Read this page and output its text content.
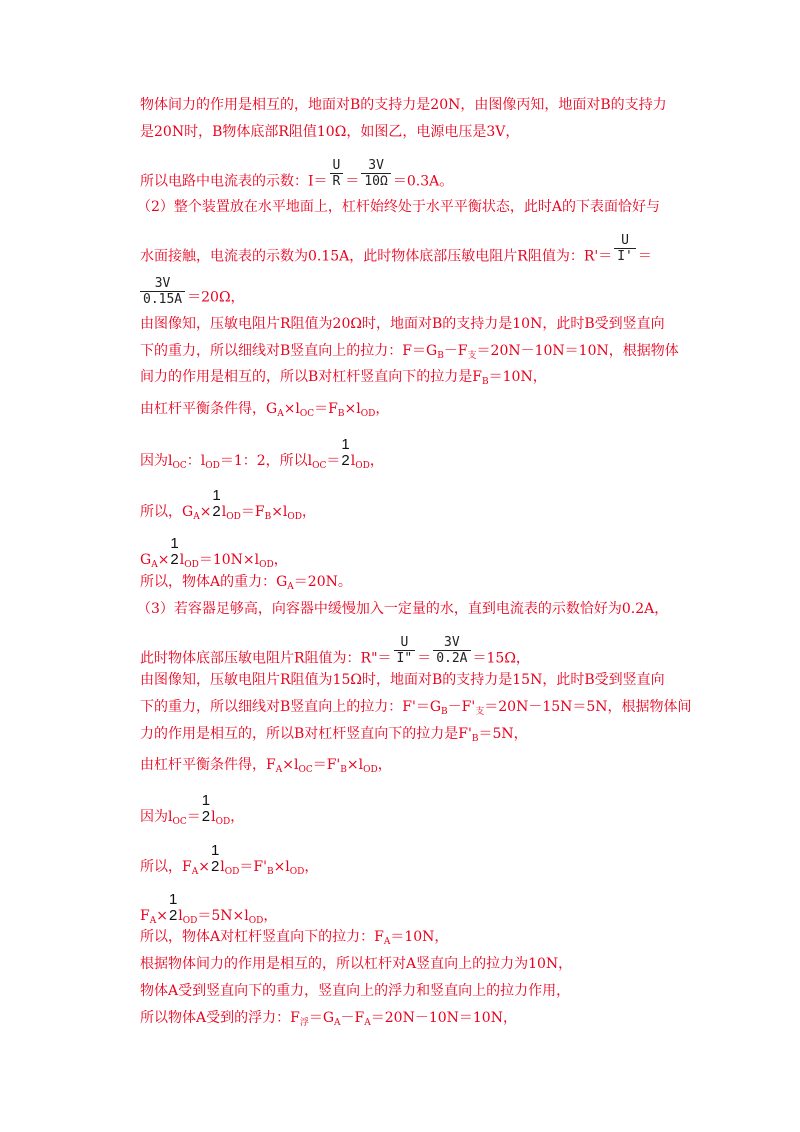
物体间力的作用是相互的，地面对B的支持力是20N，由图像丙知，地面对B的支持力
是20N时，B物体底部R阻值10Ω，如图乙，电源电压是3V，
所以电路中电流表的示数：$I= \frac{U}{R} = \frac{3V}{10\Omega} =0.3A$。
（2）整个装置放在水平地面上，杠杆始终处于水平平衡状态，此时A的下表面恰好与
水面接触，电流表的示数为0.15A，此时物体底部压敏电阻片R阻值为：$R'= \frac{U}{I'}$ ＝
$\frac{3V}{0.15A} =20\Omega$，
由图像知，压敏电阻片R阻值为20Ω时，地面对B的支持力是10N，此时B受到竖直向
下的重力，所以细线对B竖直向上的拉力：$F=G_B-F_支=20N-10N=10N$，根据物体
间力的作用是相互的，所以B对杠杆竖直向下的拉力是$F_B=10N$，
由杠杆平衡条件得，$G_A\times l_{OC}=F_B\times l_{OD}$，
因为$l_{OC}$：$l_{OD}=1$：2，所以$l_{OC}=$
1
2 $l_{OD}$，
所以，$G_A\times$
1
2 $l_{OD}=F_B\times l_{OD}$，
$G_A\times$
1
2 $l_{OD}=10N\times l_{OD}$，
所以，物体A的重力：$G_A=20N$。
（3）若容器足够高，向容器中缓慢加入一定量的水，直到电流表的示数恰好为0.2A，
此时物体底部压敏电阻片R阻值为：R"＝ $\frac{U}{I"} = \frac{3V}{0.2A} =15\Omega$，
由图像知，压敏电阻片R阻值为15Ω时，地面对B的支持力是15N，此时B受到竖直向
下的重力，所以细线对B竖直向上的拉力：$F'=G_B-F'_支=20N-15N=5N$，根据物体间
力的作用是相互的，所以B对杠杆竖直向下的拉力是$F'_B=5N$，
由杠杆平衡条件得，$F_A\times l_{OC}=F'_B\times l_{OD}$，
因为$l_{OC}=$
1
2 $l_{OD}$，
所以，$F_A\times$
1
2 $l_{OD}=F'_B\times l_{OD}$，
$F_A\times$
1
2 $l_{OD}=5N\times l_{OD}$，
所以，物体A对杠杆竖直向下的拉力：$F_A=10N$，
根据物体间力的作用是相互的，所以杠杆对A竖直向上的拉力为10N，
物体A受到竖直向下的重力，竖直向上的浮力和竖直向上的拉力作用，
所以物体A受到的浮力：$F_浮=G_A-F_A=20N-10N=10N$，
